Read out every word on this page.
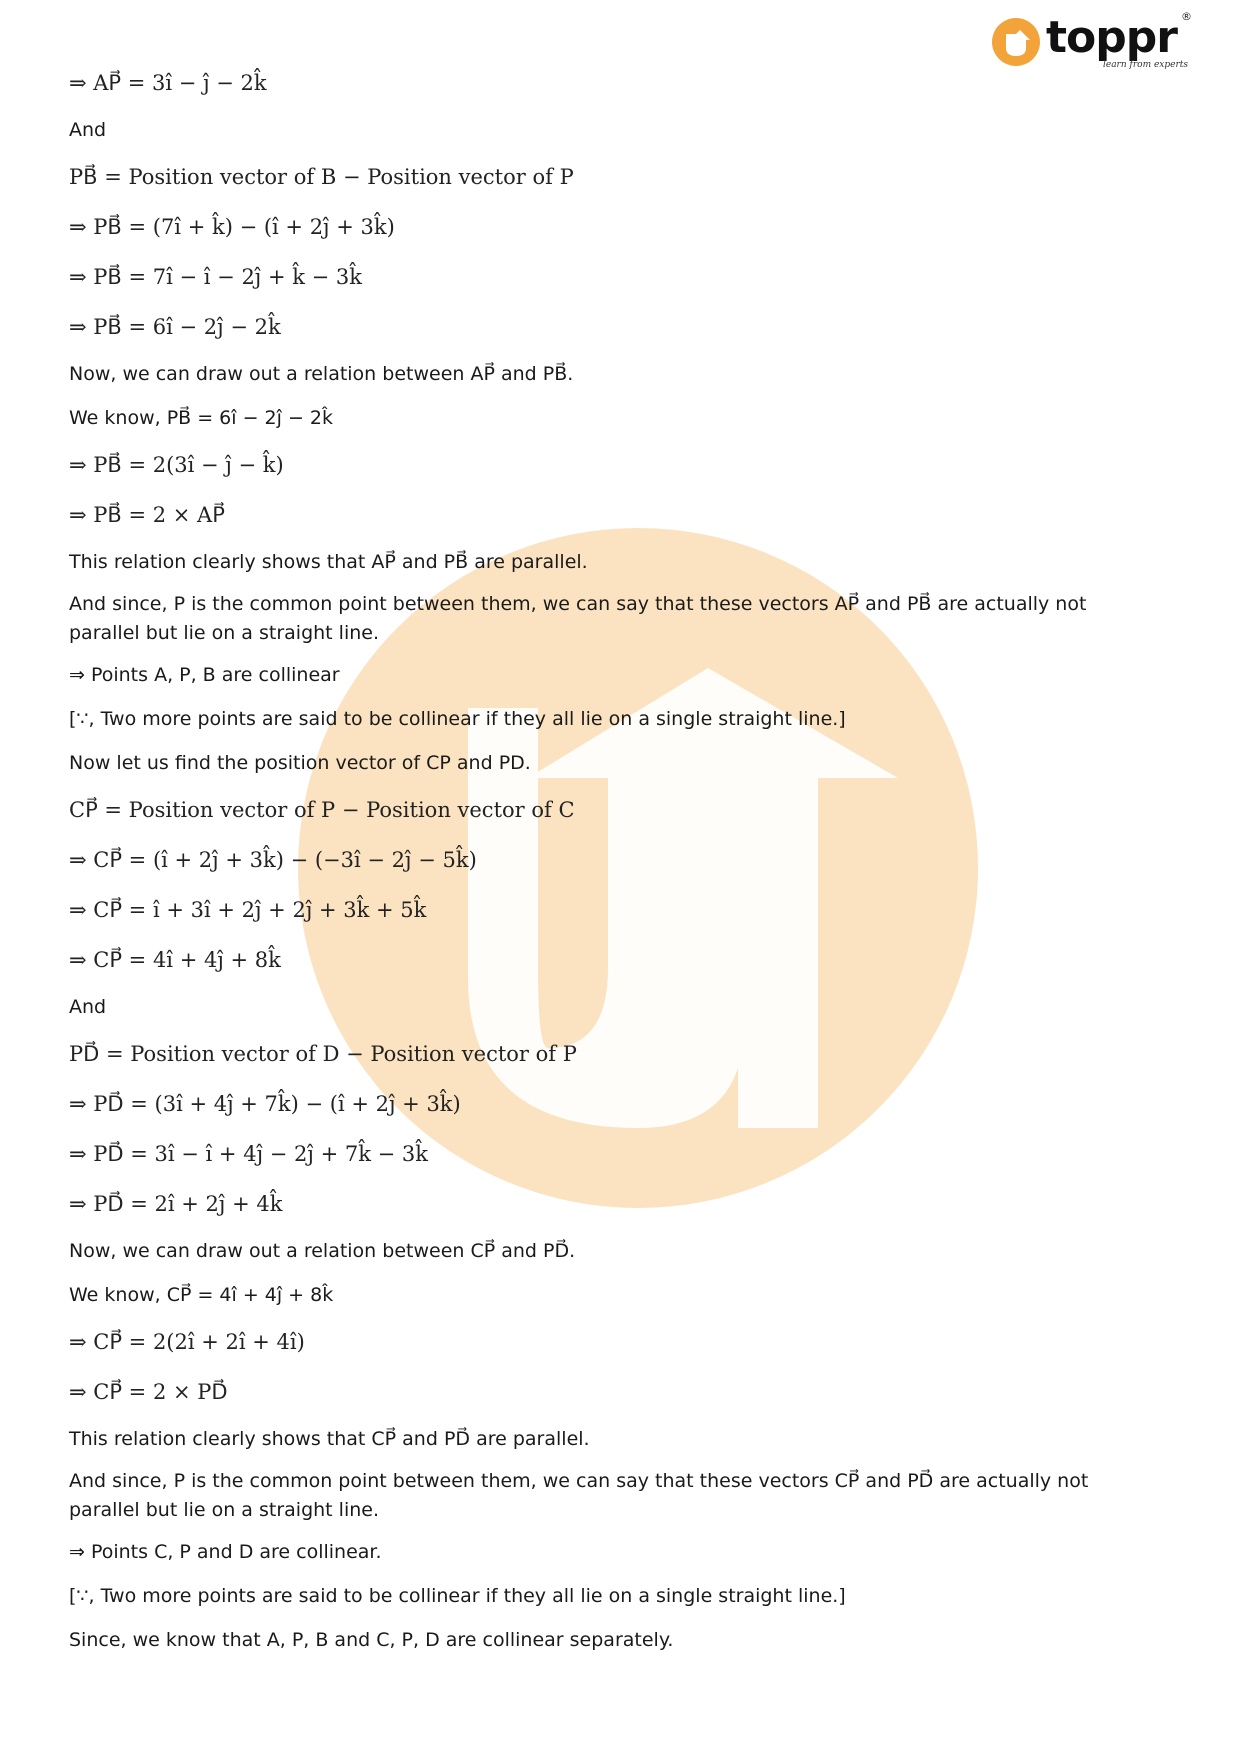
toppr ®
learn from experts

⇒ AP⃗ = 3î − ĵ − 2k̂

And

PB⃗ = Position vector of B − Position vector of P

⇒ PB⃗ = (7î + k̂) − (î + 2ĵ + 3k̂)

⇒ PB⃗ = 7î − î − 2ĵ + k̂ − 3k̂

⇒ PB⃗ = 6î − 2ĵ − 2k̂

Now, we can draw out a relation between AP⃗ and PB⃗.

We know, PB⃗ = 6î − 2ĵ − 2k̂

⇒ PB⃗ = 2(3î − ĵ − k̂)

⇒ PB⃗ = 2 × AP⃗

This relation clearly shows that AP⃗ and PB⃗ are parallel.

And since, P is the common point between them, we can say that these vectors AP⃗ and PB⃗ are actually not parallel but lie on a straight line.

⇒ Points A, P, B are collinear

[∵, Two more points are said to be collinear if they all lie on a single straight line.]

Now let us find the position vector of CP and PD.

CP⃗ = Position vector of P − Position vector of C

⇒ CP⃗ = (î + 2ĵ + 3k̂) − (−3î − 2ĵ − 5k̂)

⇒ CP⃗ = î + 3î + 2ĵ + 2ĵ + 3k̂ + 5k̂

⇒ CP⃗ = 4î + 4ĵ + 8k̂

And

PD⃗ = Position vector of D − Position vector of P

⇒ PD⃗ = (3î + 4ĵ + 7k̂) − (î + 2ĵ + 3k̂)

⇒ PD⃗ = 3î − î + 4ĵ − 2ĵ + 7k̂ − 3k̂

⇒ PD⃗ = 2î + 2ĵ + 4k̂

Now, we can draw out a relation between CP⃗ and PD⃗.

We know, CP⃗ = 4î + 4ĵ + 8k̂

⇒ CP⃗ = 2(2î + 2î + 4î)

⇒ CP⃗ = 2 × PD⃗

This relation clearly shows that CP⃗ and PD⃗ are parallel.

And since, P is the common point between them, we can say that these vectors CP⃗ and PD⃗ are actually not parallel but lie on a straight line.

⇒ Points C, P and D are collinear.

[∵, Two more points are said to be collinear if they all lie on a single straight line.]

Since, we know that A, P, B and C, P, D are collinear separately.
